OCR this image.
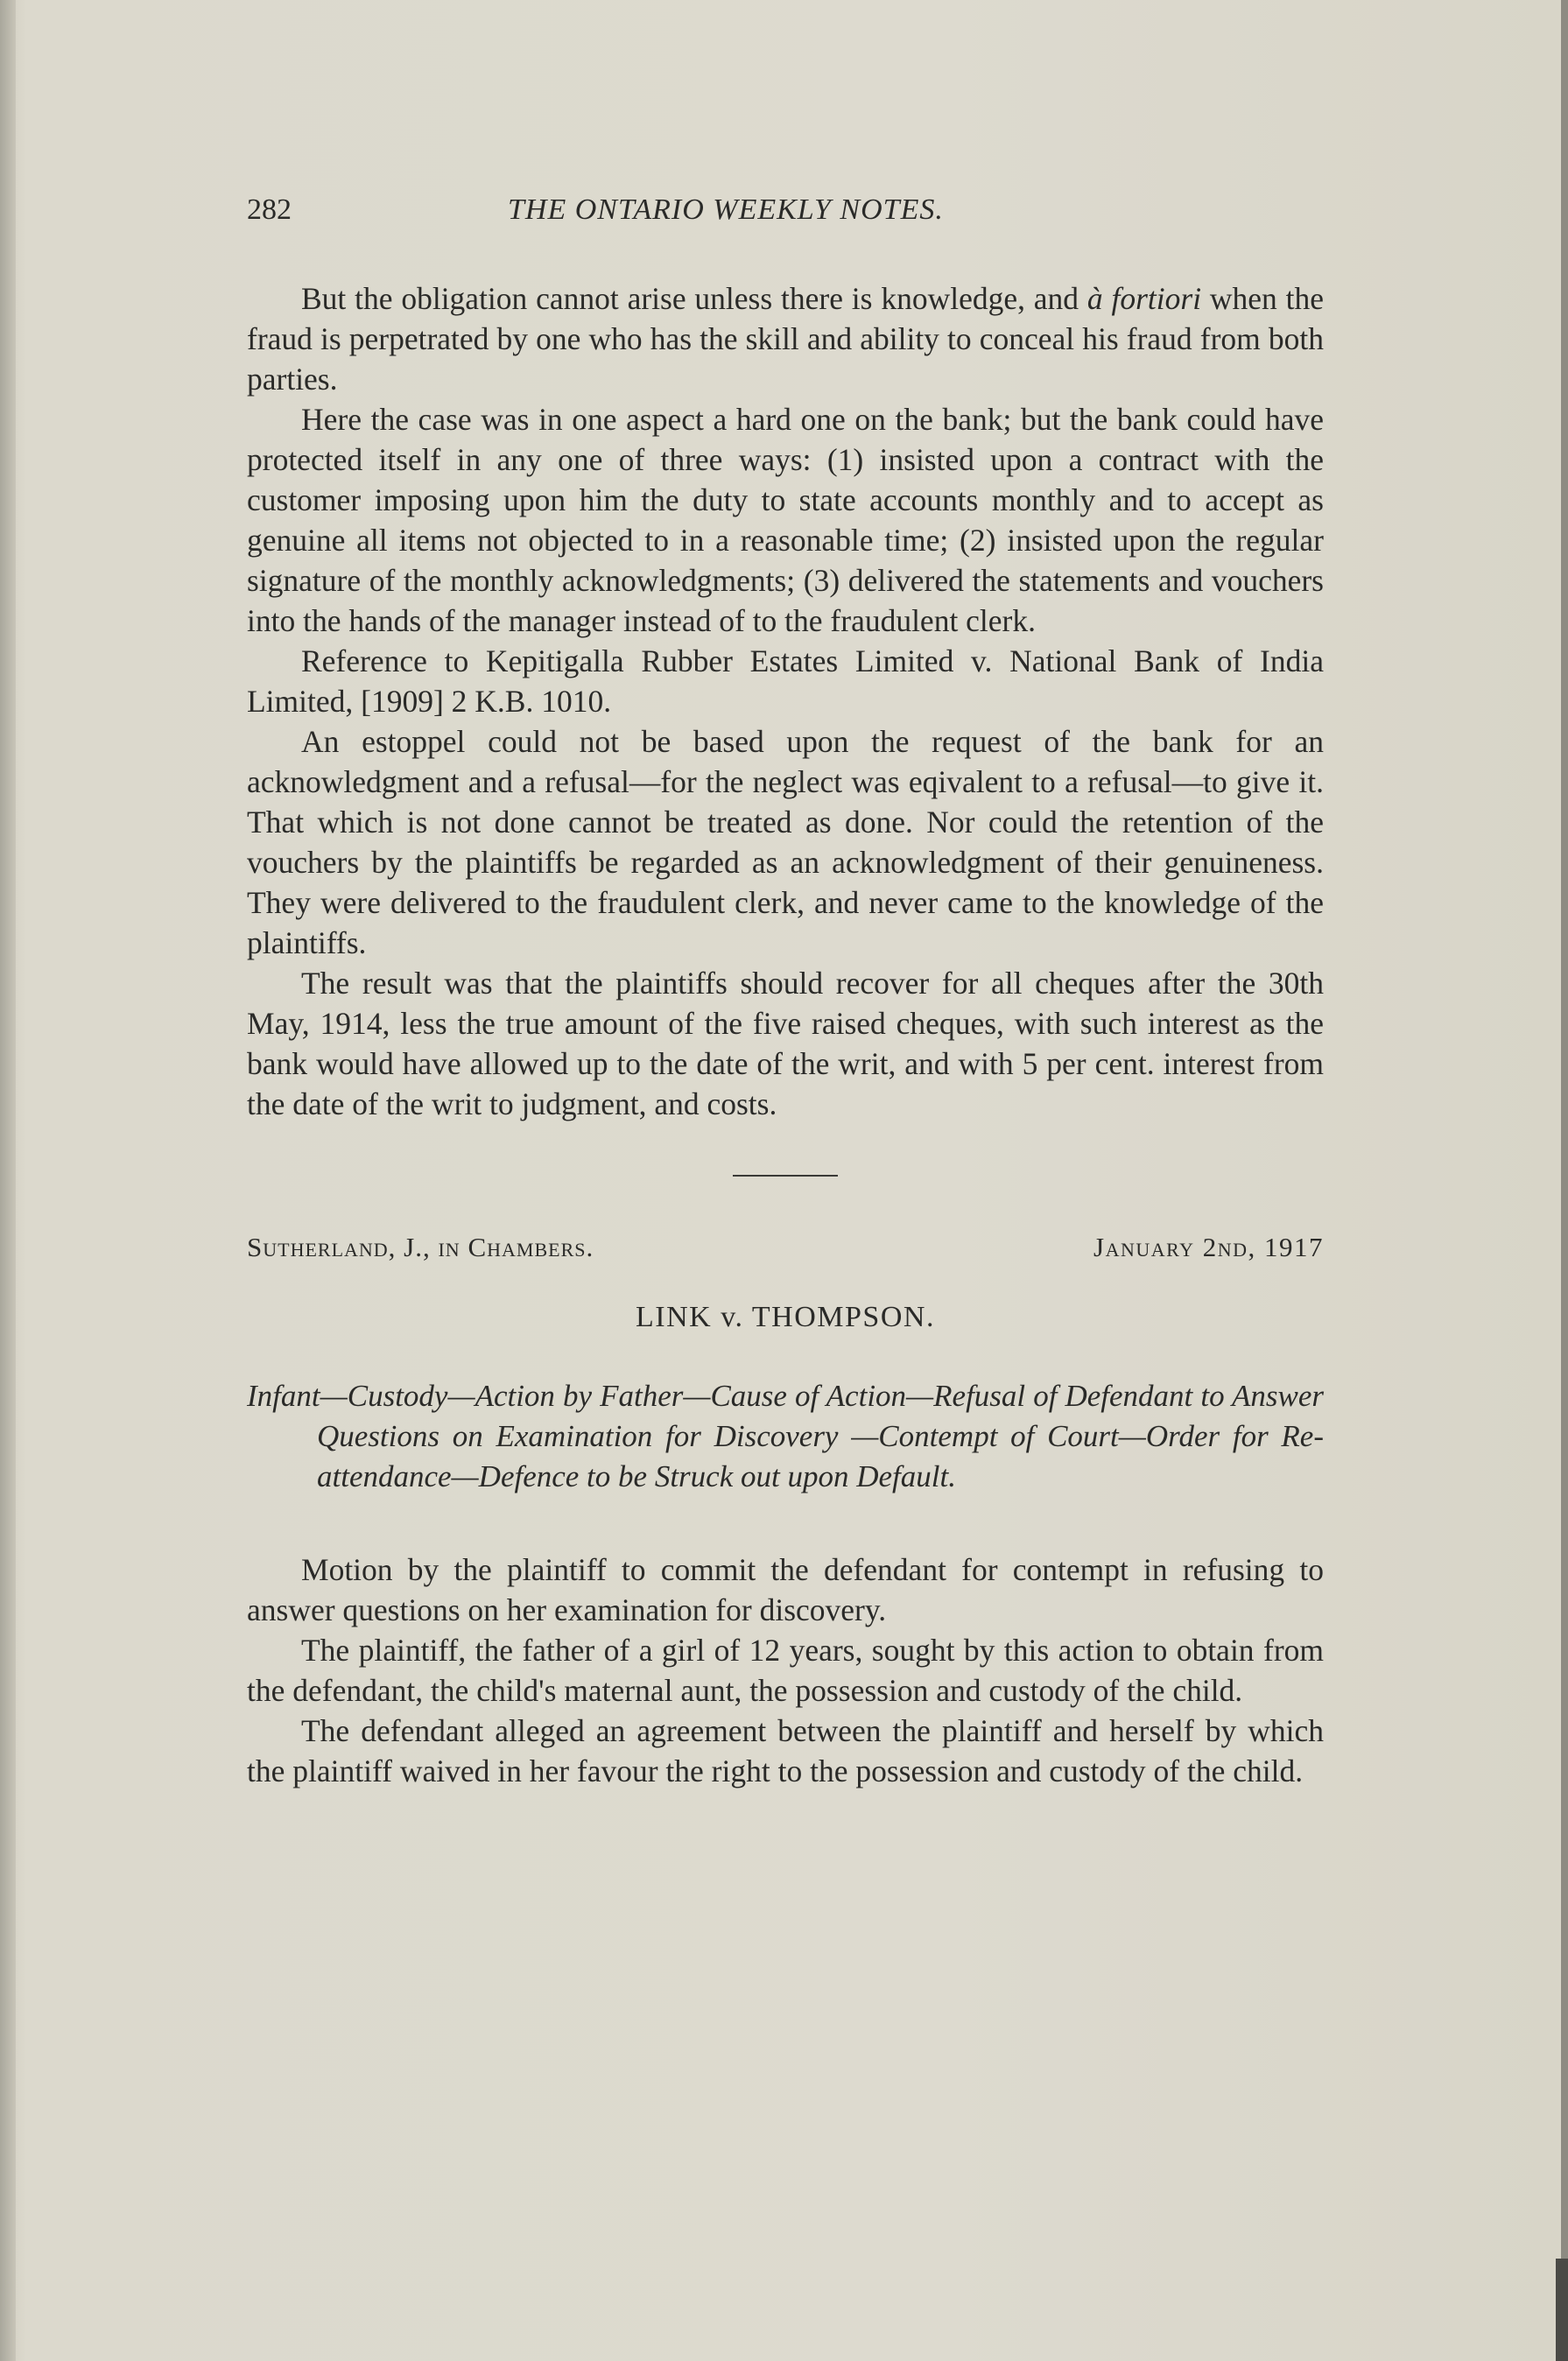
282	THE ONTARIO WEEKLY NOTES.

But the obligation cannot arise unless there is knowledge, and à fortiori when the fraud is perpetrated by one who has the skill and ability to conceal his fraud from both parties.

Here the case was in one aspect a hard one on the bank; but the bank could have protected itself in any one of three ways: (1) insisted upon a contract with the customer imposing upon him the duty to state accounts monthly and to accept as genuine all items not objected to in a reasonable time; (2) insisted upon the regular signature of the monthly acknowledgments; (3) delivered the statements and vouchers into the hands of the manager instead of to the fraudulent clerk.

Reference to Kepitigalla Rubber Estates Limited v. National Bank of India Limited, [1909] 2 K.B. 1010.

An estoppel could not be based upon the request of the bank for an acknowledgment and a refusal—for the neglect was eqivalent to a refusal—to give it. That which is not done cannot be treated as done. Nor could the retention of the vouchers by the plaintiffs be regarded as an acknowledgment of their genuineness. They were delivered to the fraudulent clerk, and never came to the knowledge of the plaintiffs.

The result was that the plaintiffs should recover for all cheques after the 30th May, 1914, less the true amount of the five raised cheques, with such interest as the bank would have allowed up to the date of the writ, and with 5 per cent. interest from the date of the writ to judgment, and costs.

Sutherland, J., in Chambers.	January 2nd, 1917
LINK v. THOMPSON.
Infant—Custody—Action by Father—Cause of Action—Refusal of Defendant to Answer Questions on Examination for Discovery —Contempt of Court—Order for Re-attendance—Defence to be Struck out upon Default.

Motion by the plaintiff to commit the defendant for contempt in refusing to answer questions on her examination for discovery.

The plaintiff, the father of a girl of 12 years, sought by this action to obtain from the defendant, the child's maternal aunt, the possession and custody of the child.

The defendant alleged an agreement between the plaintiff and herself by which the plaintiff waived in her favour the right to the possession and custody of the child.
